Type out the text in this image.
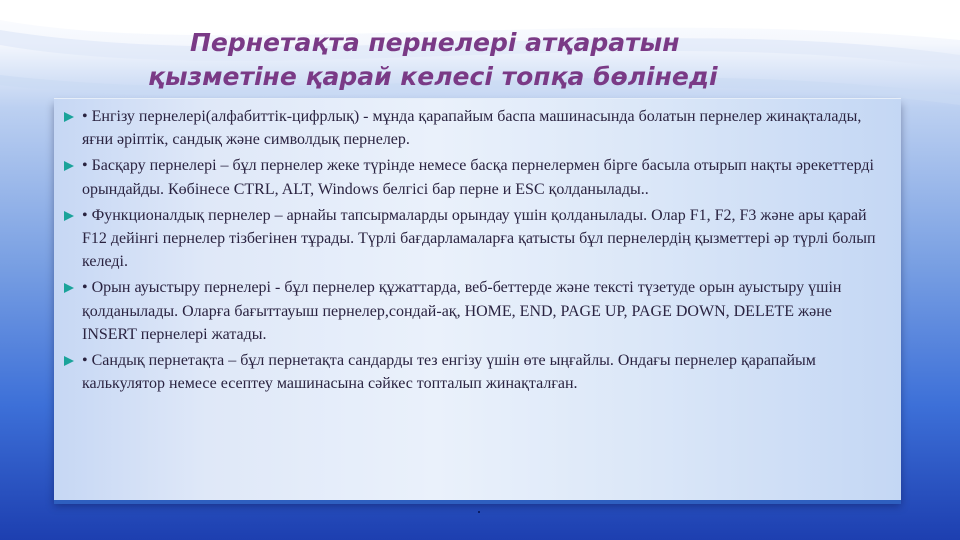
Пернетақта пернелері атқаратын
қызметіне қарай келесі топқа бөлінеді
• Енгізу пернелері(алфабиттік-цифрлық) - мұнда қарапайым баспа машинасында болатын пернелер жинақталады, яғни әріптік, сандық және символдық пернелер.
• Басқару пернелері – бұл пернелер жеке түрінде немесе басқа пернелермен бірге басыла отырып нақты әрекеттерді орындайды. Көбінесе CTRL, ALT, Windows белгісі бар перне и ESC қолданылады..
• Функционалдық пернелер – арнайы тапсырмаларды орындау үшін қолданылады. Олар F1, F2, F3 және ары қарай F12 дейінгі пернелер тізбегінен тұрады. Түрлі бағдарламаларға қатысты бұл пернелердің қызметтері әр түрлі болып келеді.
• Орын ауыстыру пернелері - бұл пернелер құжаттарда, веб-беттерде және тексті түзетуде орын ауыстыру үшін қолданылады. Оларға бағыттауыш пернелер,сондай-ақ, HOME, END, PAGE UP, PAGE DOWN, DELETE және INSERT пернелері жатады.
• Сандық пернетақта – бұл пернетақта сандарды тез енгізу үшін өте ыңғайлы. Ондағы пернелер қарапайым калькулятор немесе есептеу машинасына сәйкес топталып жинақталған.
